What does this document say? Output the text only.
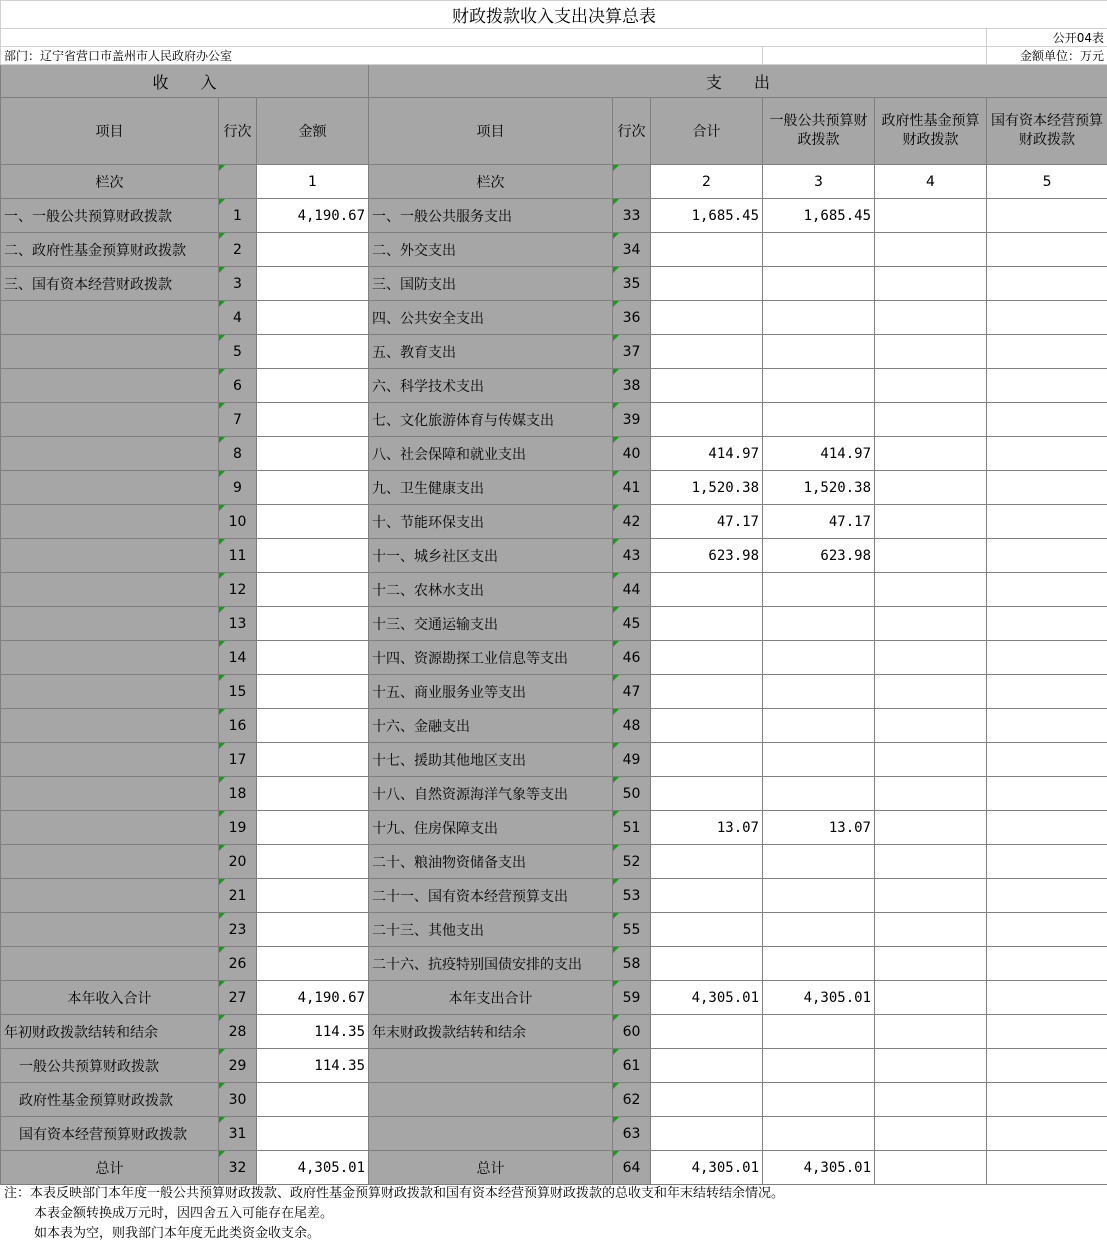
财政拨款收入支出决算总表								
								公开04表
部门：辽宁省营口市盖州市人民政府办公室								金额单位：万元
收　　入			支　　出					
项目	行次	金额	项目	行次	合计	一般公共预算财政拨款	政府性基金预算财政拨款	国有资本经营预算财政拨款
栏次		1	栏次		2	3	4	5
一、一般公共预算财政拨款	1	4,190.67	一、一般公共服务支出	33	1,685.45	1,685.45		
二、政府性基金预算财政拨款	2		二、外交支出	34				
三、国有资本经营财政拨款	3		三、国防支出	35				
	4		四、公共安全支出	36				
	5		五、教育支出	37				
	6		六、科学技术支出	38				
	7		七、文化旅游体育与传媒支出	39				
	8		八、社会保障和就业支出	40	414.97	414.97		
	9		九、卫生健康支出	41	1,520.38	1,520.38		
	10		十、节能环保支出	42	47.17	47.17		
	11		十一、城乡社区支出	43	623.98	623.98		
	12		十二、农林水支出	44				
	13		十三、交通运输支出	45				
	14		十四、资源勘探工业信息等支出	46				
	15		十五、商业服务业等支出	47				
	16		十六、金融支出	48				
	17		十七、援助其他地区支出	49				
	18		十八、自然资源海洋气象等支出	50				
	19		十九、住房保障支出	51	13.07	13.07		
	20		二十、粮油物资储备支出	52				
	21		二十一、国有资本经营预算支出	53				
	23		二十三、其他支出	55				
	26		二十六、抗疫特别国债安排的支出	58				
本年收入合计	27	4,190.67	本年支出合计	59	4,305.01	4,305.01		
年初财政拨款结转和结余	28	114.35	年末财政拨款结转和结余	60				
一般公共预算财政拨款	29	114.35		61				
政府性基金预算财政拨款	30			62				
国有资本经营预算财政拨款	31			63				
总计	32	4,305.01	总计	64	4,305.01	4,305.01		
注：本表反映部门本年度一般公共预算财政拨款、政府性基金预算财政拨款和国有资本经营预算财政拨款的总收支和年末结转结余情况。
本表金额转换成万元时，因四舍五入可能存在尾差。
如本表为空，则我部门本年度无此类资金收支余。
